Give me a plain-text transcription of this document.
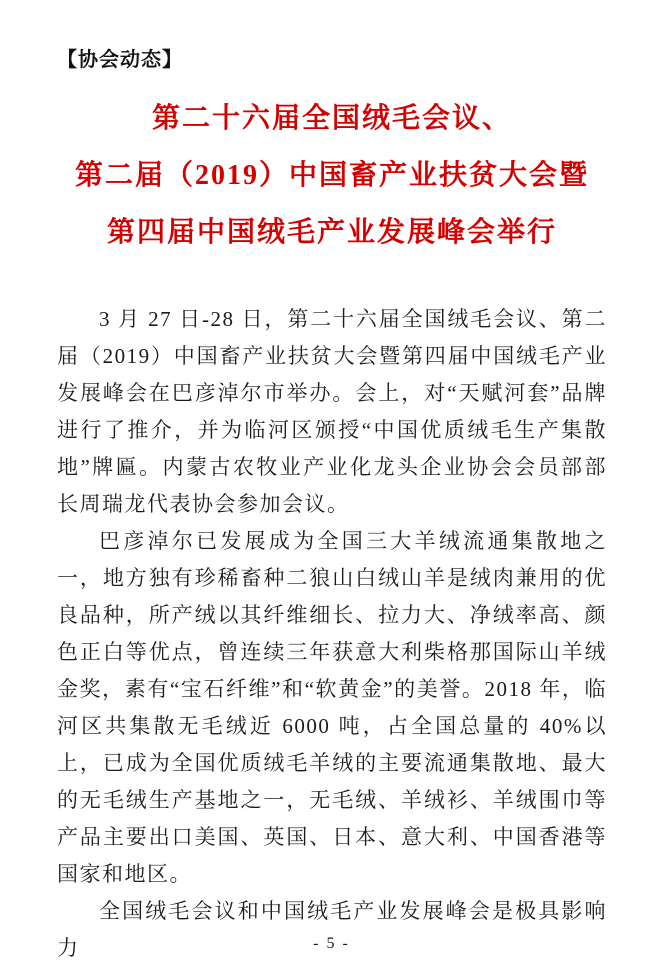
【协会动态】
第二十六届全国绒毛会议、
第二届（2019）中国畜产业扶贫大会暨
第四届中国绒毛产业发展峰会举行

3 月 27 日-28 日，第二十六届全国绒毛会议、第二届（2019）中国畜产业扶贫大会暨第四届中国绒毛产业发展峰会在巴彦淖尔市举办。会上，对“天赋河套”品牌进行了推介，并为临河区颁授“中国优质绒毛生产集散地”牌匾。内蒙古农牧业产业化龙头企业协会会员部部长周瑞龙代表协会参加会议。

巴彦淖尔已发展成为全国三大羊绒流通集散地之一，地方独有珍稀畜种二狼山白绒山羊是绒肉兼用的优良品种，所产绒以其纤维细长、拉力大、净绒率高、颜色正白等优点，曾连续三年获意大利柴格那国际山羊绒金奖，素有“宝石纤维”和“软黄金”的美誉。2018 年，临河区共集散无毛绒近 6000 吨，占全国总量的 40%以上，已成为全国优质绒毛羊绒的主要流通集散地、最大的无毛绒生产基地之一，无毛绒、羊绒衫、羊绒围巾等产品主要出口美国、英国、日本、意大利、中国香港等国家和地区。

全国绒毛会议和中国绒毛产业发展峰会是极具影响力	- 5 -
